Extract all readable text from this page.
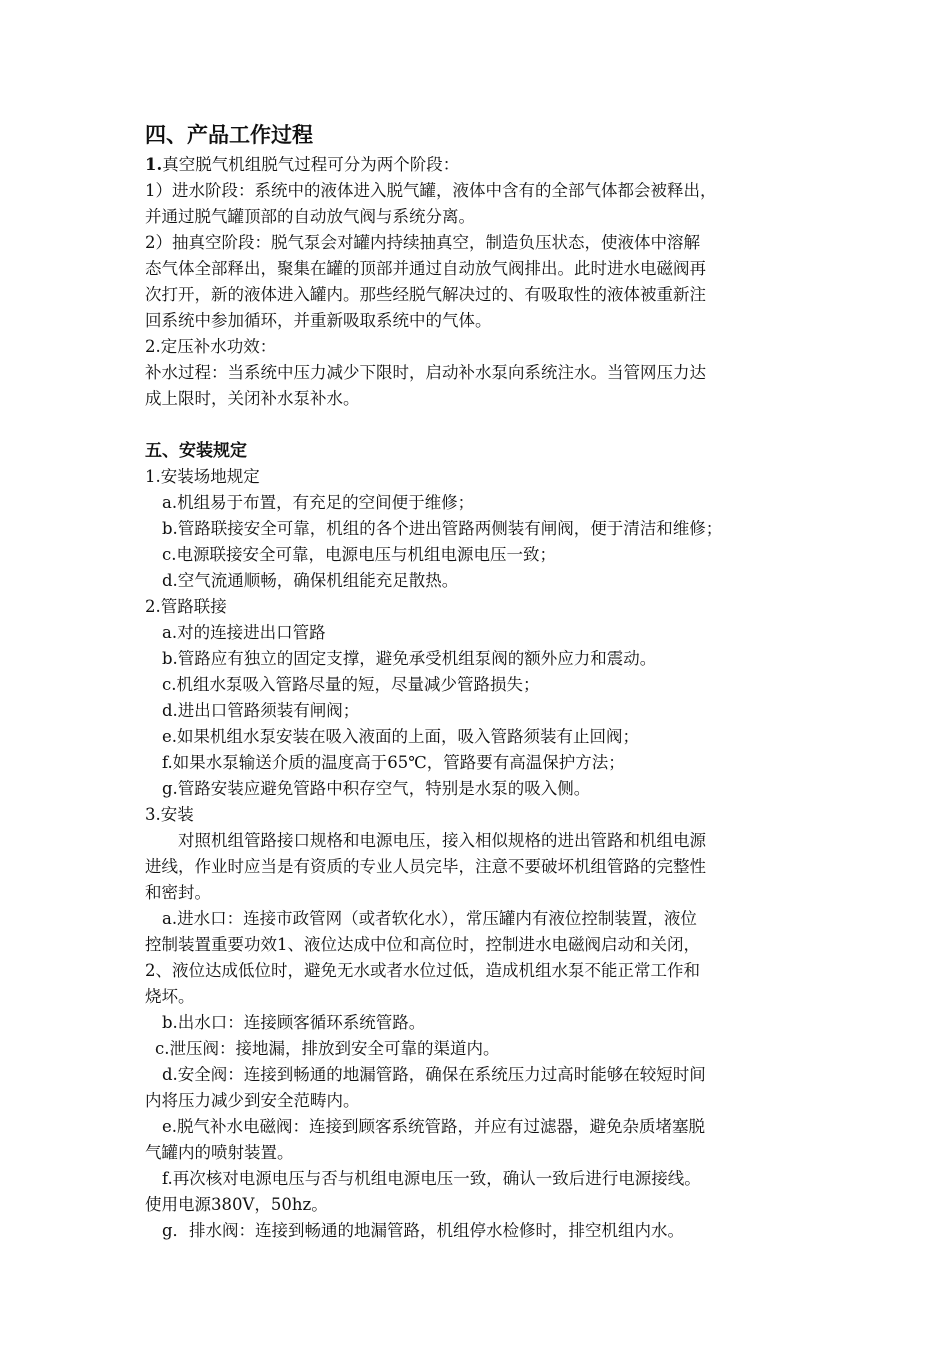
四、产品工作过程

1.真空脱气机组脱气过程可分为两个阶段：

1）进水阶段：系统中的液体进入脱气罐，液体中含有的全部气体都会被释出，

并通过脱气罐顶部的自动放气阀与系统分离。

2）抽真空阶段：脱气泵会对罐内持续抽真空，制造负压状态，使液体中溶解

态气体全部释出，聚集在罐的顶部并通过自动放气阀排出。此时进水电磁阀再

次打开，新的液体进入罐内。那些经脱气解决过的、有吸取性的液体被重新注

回系统中参加循环，并重新吸取系统中的气体。

2.定压补水功效：

补水过程：当系统中压力减少下限时，启动补水泵向系统注水。当管网压力达

成上限时，关闭补水泵补水。

五、安装规定

1.安装场地规定

a.机组易于布置，有充足的空间便于维修；

b.管路联接安全可靠，机组的各个进出管路两侧装有闸阀，便于清洁和维修；

c.电源联接安全可靠，电源电压与机组电源电压一致；

d.空气流通顺畅，确保机组能充足散热。

2.管路联接

a.对的连接进出口管路

b.管路应有独立的固定支撑，避免承受机组泵阀的额外应力和震动。

c.机组水泵吸入管路尽量的短，尽量减少管路损失；

d.进出口管路须装有闸阀；

e.如果机组水泵安装在吸入液面的上面，吸入管路须装有止回阀；

f.如果水泵输送介质的温度高于65℃，管路要有高温保护方法；

g.管路安装应避免管路中积存空气，特别是水泵的吸入侧。

3.安装

对照机组管路接口规格和电源电压，接入相似规格的进出管路和机组电源

进线，作业时应当是有资质的专业人员完毕，注意不要破坏机组管路的完整性

和密封。

a.进水口：连接市政管网（或者软化水），常压罐内有液位控制装置，液位

控制装置重要功效1、液位达成中位和高位时，控制进水电磁阀启动和关闭，

2、液位达成低位时，避免无水或者水位过低，造成机组水泵不能正常工作和

烧坏。

b.出水口：连接顾客循环系统管路。

c.泄压阀：接地漏，排放到安全可靠的渠道内。

d.安全阀：连接到畅通的地漏管路，确保在系统压力过高时能够在较短时间

内将压力减少到安全范畴内。

e.脱气补水电磁阀：连接到顾客系统管路，并应有过滤器，避免杂质堵塞脱

气罐内的喷射装置。

f.再次核对电源电压与否与机组电源电压一致，确认一致后进行电源接线。

使用电源380V，50hz。

g．排水阀：连接到畅通的地漏管路，机组停水检修时，排空机组内水。
